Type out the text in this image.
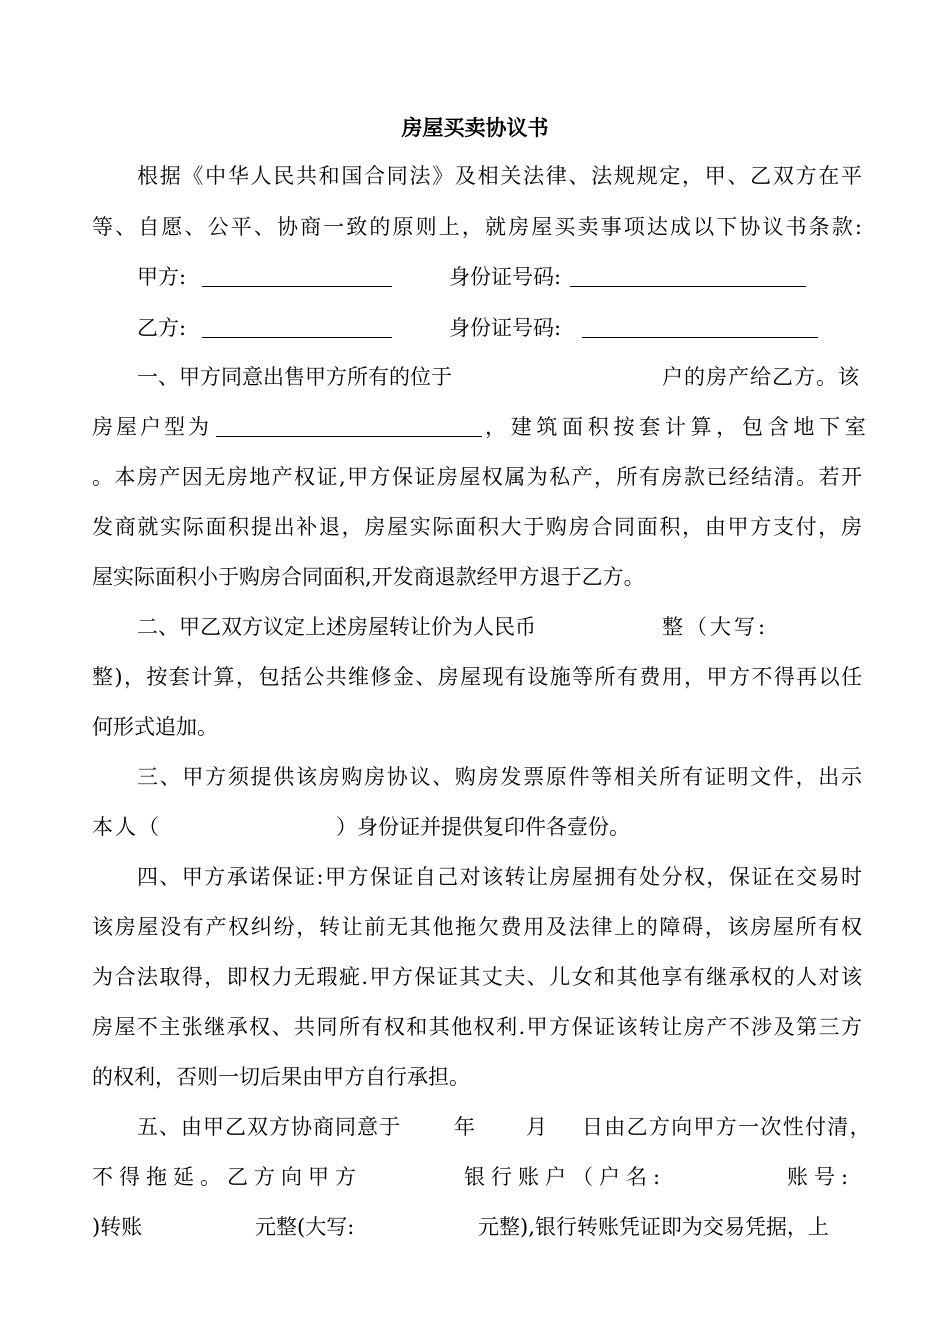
房屋买卖协议书
根据《中华人民共和国合同法》及相关法律、法规规定，甲、乙双方在平
等、自愿、公平、协商一致的原则上，就房屋买卖事项达成以下协议书条款:
甲方:	身份证号码:
乙方:	身份证号码:
一、甲方同意出售甲方所有的位于	户的房产给乙方。该
房屋户型为	，建筑面积按套计算，包含地下室
。本房产因无房地产权证,甲方保证房屋权属为私产，所有房款已经结清。若开
发商就实际面积提出补退，房屋实际面积大于购房合同面积，由甲方支付，房
屋实际面积小于购房合同面积,开发商退款经甲方退于乙方。
二、甲乙双方议定上述房屋转让价为人民币	整（大写:
整)，按套计算，包括公共维修金、房屋现有设施等所有费用，甲方不得再以任
何形式追加。
三、甲方须提供该房购房协议、购房发票原件等相关所有证明文件，出示
本人（	）身份证并提供复印件各壹份。
四、甲方承诺保证:甲方保证自己对该转让房屋拥有处分权，保证在交易时
该房屋没有产权纠纷，转让前无其他拖欠费用及法律上的障碍，该房屋所有权
为合法取得，即权力无瑕疵.甲方保证其丈夫、儿女和其他享有继承权的人对该
房屋不主张继承权、共同所有权和其他权利.甲方保证该转让房产不涉及第三方
的权利，否则一切后果由甲方自行承担。
五、由甲乙双方协商同意于	年 月 日由乙方向甲方一次性付清，
不得拖延。乙方向甲方	银行账户（户名:	账号:
)转账	元整(大写:	元整),银行转账凭证即为交易凭据，上
